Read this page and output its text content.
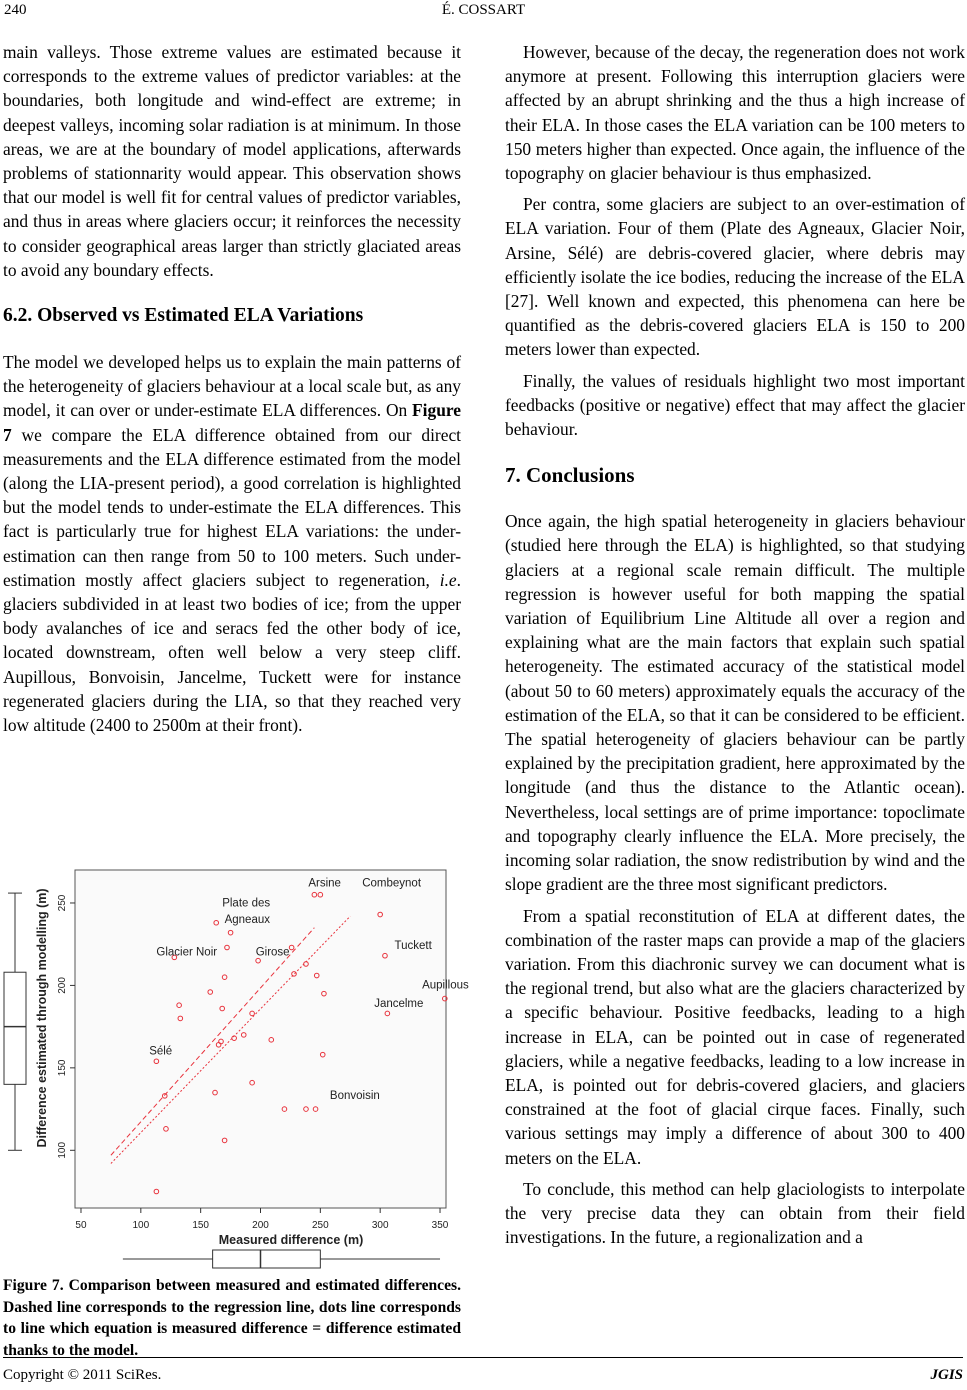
240	É. COSSART

main valleys. Those extreme values are estimated because it corresponds to the extreme values of predictor variables: at the boundaries, both longitude and wind-effect are extreme; in deepest valleys, incoming solar radiation is at minimum. In those areas, we are at the boundary of model applications, afterwards problems of stationnarity would appear. This observation shows that our model is well fit for central values of predictor variables, and thus in areas where glaciers occur; it reinforces the necessity to consider geographical areas larger than strictly glaciated areas to avoid any boundary effects.

6.2. Observed vs Estimated ELA Variations

The model we developed helps us to explain the main patterns of the heterogeneity of glaciers behaviour at a local scale but, as any model, it can over or under-estimate ELA differences. On Figure 7 we compare the ELA difference obtained from our direct measurements and the ELA difference estimated from the model (along the LIA-present period), a good correlation is highlighted but the model tends to under-estimate the ELA differences. This fact is particularly true for highest ELA variations: the under-estimation can then range from 50 to 100 meters. Such under-estimation mostly affect glaciers subject to regeneration, i.e. glaciers subdivided in at least two bodies of ice; from the upper body avalanches of ice and seracs fed the other body of ice, located downstream, often well below a very steep cliff. Aupillous, Bonvoisin, Jancelme, Tuckett were for instance regenerated glaciers during the LIA, so that they reached very low altitude (2400 to 2500m at their front).

50	100	150	200	250	300	350
100
150
200
250
Arsine Combeynot
Plate des
Agneaux
Tuckett
Glacier Noir	Girose
Aupillous
Jancelme
Sélé
Bonvoisin
Difference estimated through modelling (m)
Measured difference (m)
Figure 7. Comparison between measured and estimated differences. Dashed line corresponds to the regression line, dots line corresponds to line which equation is measured difference = difference estimated thanks to the model.

However, because of the decay, the regeneration does not work anymore at present. Following this interruption glaciers were affected by an abrupt shrinking and the thus a high increase of their ELA. In those cases the ELA variation can be 100 meters to 150 meters higher than expected. Once again, the influence of the topography on glacier behaviour is thus emphasized.

Per contra, some glaciers are subject to an over-estimation of ELA variation. Four of them (Plate des Agneaux, Glacier Noir, Arsine, Sélé) are debris-covered glacier, where debris may efficiently isolate the ice bodies, reducing the increase of the ELA [27]. Well known and expected, this phenomena can here be quantified as the debris-covered glaciers ELA is 150 to 200 meters lower than expected.

Finally, the values of residuals highlight two most important feedbacks (positive or negative) effect that may affect the glacier behaviour.

7. Conclusions

Once again, the high spatial heterogeneity in glaciers behaviour (studied here through the ELA) is highlighted, so that studying glaciers at a regional scale remain difficult. The multiple regression is however useful for both mapping the spatial variation of Equilibrium Line Altitude all over a region and explaining what are the main factors that explain such spatial heterogeneity. The estimated accuracy of the statistical model (about 50 to 60 meters) approximately equals the accuracy of the estimation of the ELA, so that it can be considered to be efficient. The spatial heterogeneity of glaciers behaviour can be partly explained by the precipitation gradient, here approximated by the longitude (and thus the distance to the Atlantic ocean). Nevertheless, local settings are of prime importance: topoclimate and topography clearly influence the ELA. More precisely, the incoming solar radiation, the snow redistribution by wind and the slope gradient are the three most significant predictors.

From a spatial reconstitution of ELA at different dates, the combination of the raster maps can provide a map of the glaciers variation. From this diachronic survey we can document what is the regional trend, but also what are the glaciers characterized by a specific behaviour. Positive feedbacks, leading to a high increase in ELA, can be pointed out in case of regenerated glaciers, while a negative feedbacks, leading to a low increase in ELA, is pointed out for debris-covered glaciers, and glaciers constrained at the foot of glacial cirque faces. Finally, such various settings may imply a difference of about 300 to 400 meters on the ELA.

To conclude, this method can help glaciologists to interpolate the very precise data they can obtain from their field investigations. In the future, a regionalization and a

Copyright © 2011 SciRes.	JGIS
